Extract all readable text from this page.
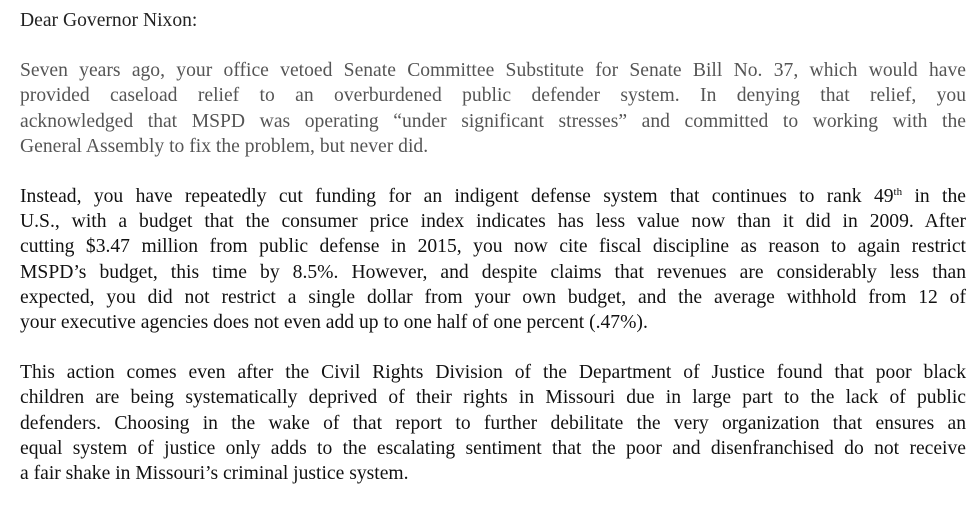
Dear Governor Nixon:
Seven years ago, your office vetoed Senate Committee Substitute for Senate Bill No. 37, which would have
provided caseload relief to an overburdened public defender system. In denying that relief, you
acknowledged that MSPD was operating “under significant stresses” and committed to working with the
General Assembly to fix the problem, but never did.
Instead, you have repeatedly cut funding for an indigent defense system that continues to rank 49th in the
U.S., with a budget that the consumer price index indicates has less value now than it did in 2009. After
cutting $3.47 million from public defense in 2015, you now cite fiscal discipline as reason to again restrict
MSPD’s budget, this time by 8.5%. However, and despite claims that revenues are considerably less than
expected, you did not restrict a single dollar from your own budget, and the average withhold from 12 of
your executive agencies does not even add up to one half of one percent (.47%).
This action comes even after the Civil Rights Division of the Department of Justice found that poor black
children are being systematically deprived of their rights in Missouri due in large part to the lack of public
defenders. Choosing in the wake of that report to further debilitate the very organization that ensures an
equal system of justice only adds to the escalating sentiment that the poor and disenfranchised do not receive
a fair shake in Missouri’s criminal justice system.
